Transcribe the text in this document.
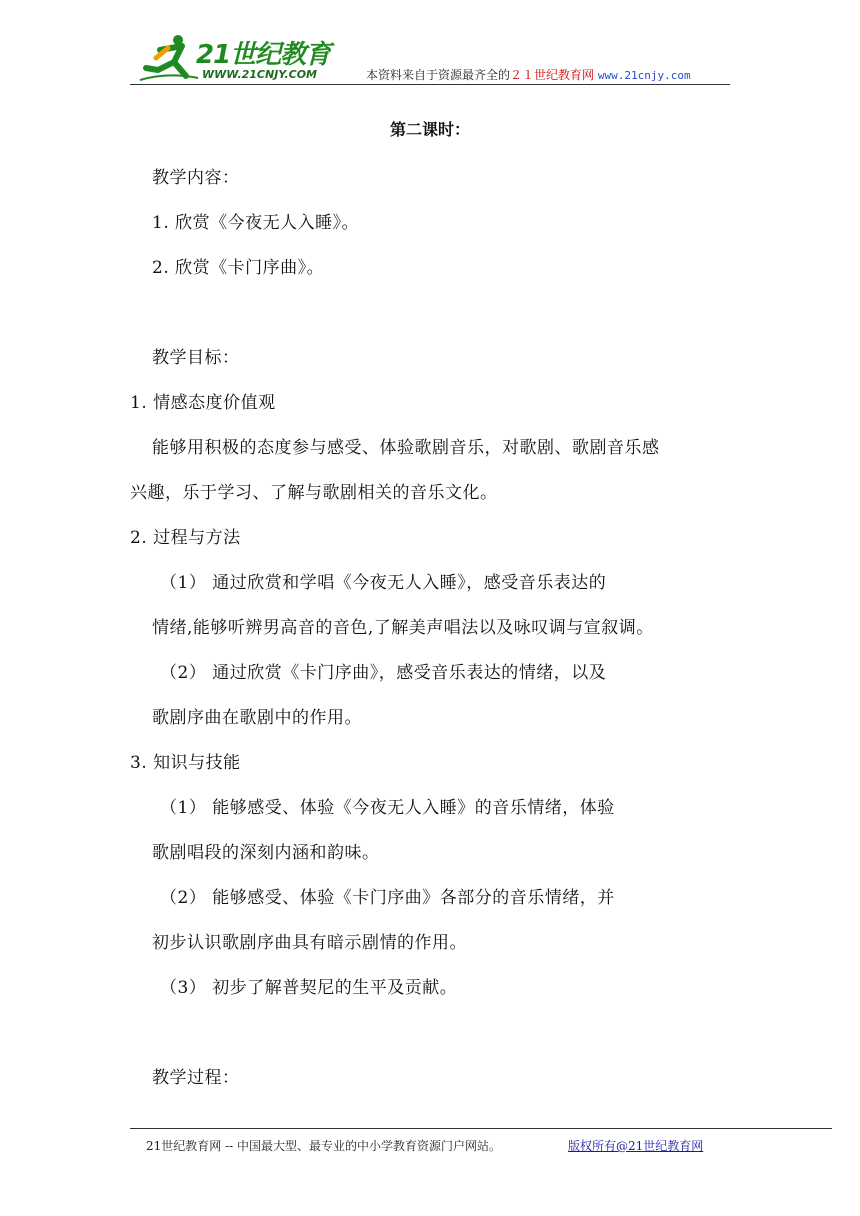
21世纪教育
WWW.21CNJY.COM	本资料来自于资源最齐全的２１世纪教育网 www.21cnjy.com
第二课时：
教学内容：
1. 欣赏《今夜无人入睡》。
2. 欣赏《卡门序曲》。
教学目标：
1. 情感态度价值观
能够用积极的态度参与感受、体验歌剧音乐，对歌剧、歌剧音乐感
兴趣，乐于学习、了解与歌剧相关的音乐文化。
2. 过程与方法
（1） 通过欣赏和学唱《今夜无人入睡》，感受音乐表达的
情绪,能够听辨男高音的音色,了解美声唱法以及咏叹调与宣叙调。
（2） 通过欣赏《卡门序曲》，感受音乐表达的情绪，以及
歌剧序曲在歌剧中的作用。
3. 知识与技能
（1） 能够感受、体验《今夜无人入睡》的音乐情绪，体验
歌剧唱段的深刻内涵和韵味。
（2） 能够感受、体验《卡门序曲》各部分的音乐情绪，并
初步认识歌剧序曲具有暗示剧情的作用。
（3） 初步了解普契尼的生平及贡献。
教学过程：
21世纪教育网 -- 中国最大型、最专业的中小学教育资源门户网站。	版权所有@21世纪教育网
